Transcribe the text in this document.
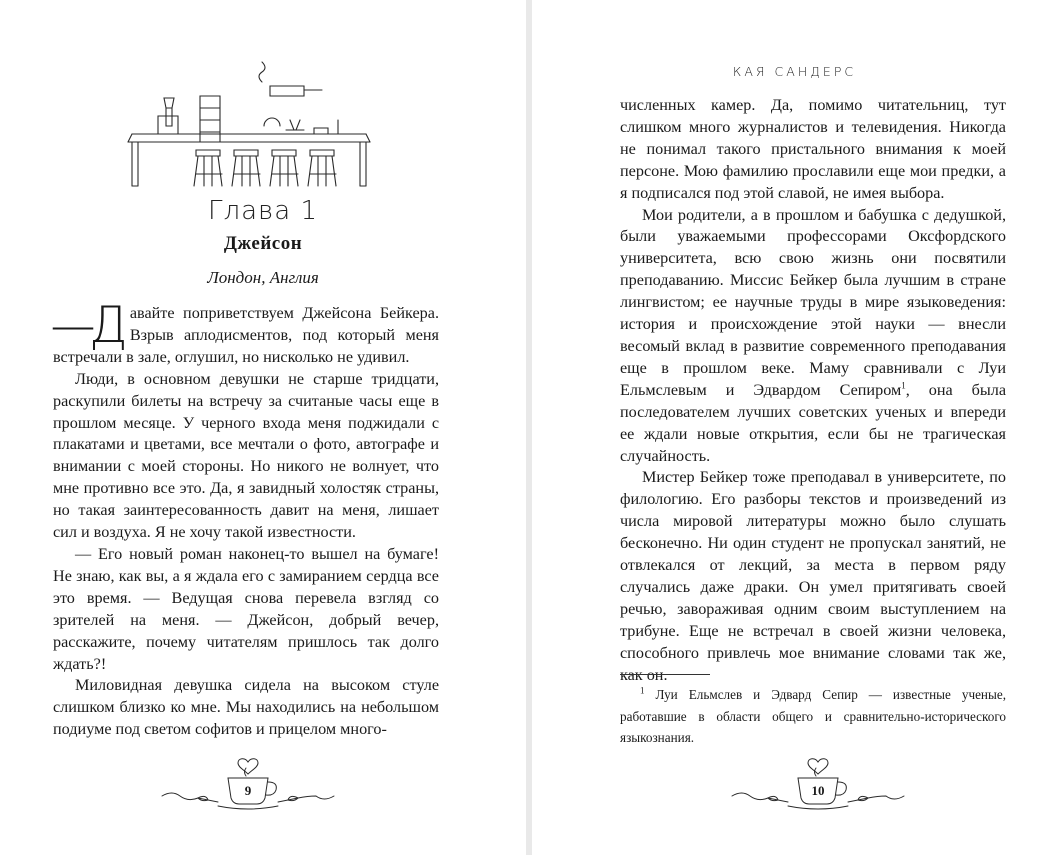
Глава 1
Джейсон
Лондон, Англия

—
Д авайте поприветствуем Джейсона Бейкера. Взрыв аплодисментов, под который меня встречали в зале, оглушил, но нисколько не удивил.

Люди, в основном девушки не старше тридцати, раскупили билеты на встречу за считаные часы еще в прошлом месяце. У черного входа меня поджидали с плакатами и цветами, все мечтали о фото, автографе и внимании с моей стороны. Но никого не волнует, что мне противно все это. Да, я завидный холостяк страны, но такая заинтересованность давит на меня, лишает сил и воздуха. Я не хочу такой известности.

— Его новый роман наконец-то вышел на бумаге! Не знаю, как вы, а я ждала его с замиранием сердца все это время. — Ведущая снова перевела взгляд со зрителей на меня. — Джейсон, добрый вечер, расскажите, почему читателям пришлось так долго ждать?!

Миловидная девушка сидела на высоком стуле слишком близко ко мне. Мы находились на небольшом подиуме под светом софитов и прицелом много-

9
КАЯ САНДЕРС

численных камер. Да, помимо читательниц, тут слишком много журналистов и телевидения. Никогда не понимал такого пристального внимания к моей персоне. Мою фамилию прославили еще мои предки, а я подписался под этой славой, не имея выбора.

Мои родители, а в прошлом и бабушка с дедушкой, были уважаемыми профессорами Оксфордского университета, всю свою жизнь они посвятили преподаванию. Миссис Бейкер была лучшим в стране лингвистом; ее научные труды в мире языковедения: история и происхождение этой науки — внесли весомый вклад в развитие современного преподавания еще в прошлом веке. Маму сравнивали с Луи Ельмслевым и Эдвардом Сепиром$^1$, она была последователем лучших советских ученых и впереди ее ждали новые открытия, если бы не трагическая случайность.

Мистер Бейкер тоже преподавал в университете, по филологию. Его разборы текстов и произведений из числа мировой литературы можно было слушать бесконечно. Ни один студент не пропускал занятий, не отвлекался от лекций, за места в первом ряду случались даже драки. Он умел притягивать своей речью, завораживая одним своим выступлением на трибуне. Еще не встречал в своей жизни человека, способного привлечь мое внимание словами так же, как он.

$^1$ Луи Ельмслев и Эдвард Сепир — известные ученые, работавшие в области общего и сравнительно-исторического языкознания.
10
